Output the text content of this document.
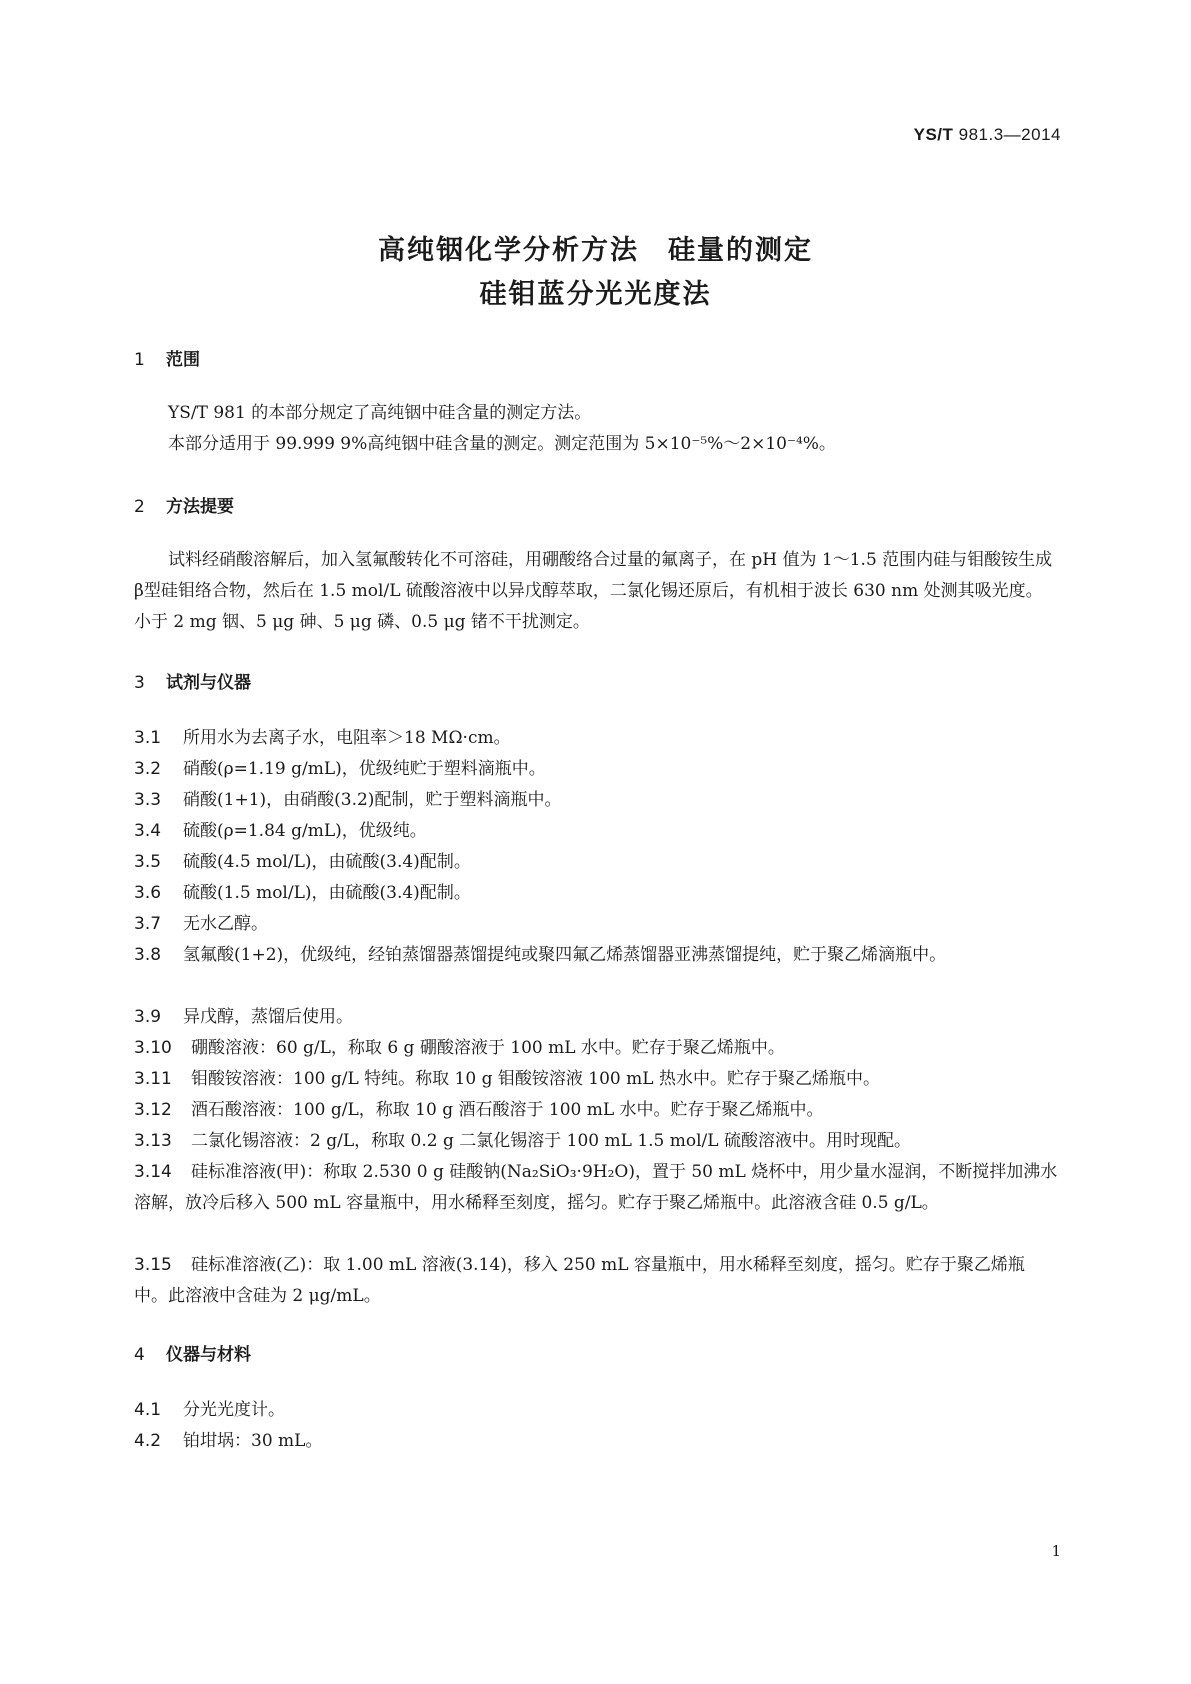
YS/T 981.3—2014
高纯铟化学分析方法　硅量的测定
硅钼蓝分光光度法
1 范围
YS/T 981 的本部分规定了高纯铟中硅含量的测定方法。
本部分适用于 99.999 9%高纯铟中硅含量的测定。测定范围为 5×10⁻⁵%～2×10⁻⁴%。
2 方法提要
试料经硝酸溶解后，加入氢氟酸转化不可溶硅，用硼酸络合过量的氟离子，在 pH 值为 1～1.5 范围内硅与钼酸铵生成β型硅钼络合物，然后在 1.5 mol/L 硫酸溶液中以异戊醇萃取，二氯化锡还原后，有机相于波长 630 nm 处测其吸光度。小于 2 mg 铟、5 μg 砷、5 μg 磷、0.5 μg 锗不干扰测定。
3 试剂与仪器
3.1 所用水为去离子水，电阻率＞18 MΩ·cm。
3.2 硝酸(ρ=1.19 g/mL)，优级纯贮于塑料滴瓶中。
3.3 硝酸(1+1)，由硝酸(3.2)配制，贮于塑料滴瓶中。
3.4 硫酸(ρ=1.84 g/mL)，优级纯。
3.5 硫酸(4.5 mol/L)，由硫酸(3.4)配制。
3.6 硫酸(1.5 mol/L)，由硫酸(3.4)配制。
3.7 无水乙醇。
3.8 氢氟酸(1+2)，优级纯，经铂蒸馏器蒸馏提纯或聚四氟乙烯蒸馏器亚沸蒸馏提纯，贮于聚乙烯滴瓶中。
3.9 异戊醇，蒸馏后使用。
3.10 硼酸溶液：60 g/L，称取 6 g 硼酸溶液于 100 mL 水中。贮存于聚乙烯瓶中。
3.11 钼酸铵溶液：100 g/L 特纯。称取 10 g 钼酸铵溶液 100 mL 热水中。贮存于聚乙烯瓶中。
3.12 酒石酸溶液：100 g/L，称取 10 g 酒石酸溶于 100 mL 水中。贮存于聚乙烯瓶中。
3.13 二氯化锡溶液：2 g/L，称取 0.2 g 二氯化锡溶于 100 mL 1.5 mol/L 硫酸溶液中。用时现配。
3.14 硅标准溶液(甲)：称取 2.530 0 g 硅酸钠(Na₂SiO₃·9H₂O)，置于 50 mL 烧杯中，用少量水湿润，不断搅拌加沸水溶解，放冷后移入 500 mL 容量瓶中，用水稀释至刻度，摇匀。贮存于聚乙烯瓶中。此溶液含硅 0.5 g/L。
3.15 硅标准溶液(乙)：取 1.00 mL 溶液(3.14)，移入 250 mL 容量瓶中，用水稀释至刻度，摇匀。贮存于聚乙烯瓶中。此溶液中含硅为 2 μg/mL。
4 仪器与材料
4.1 分光光度计。
4.2 铂坩埚：30 mL。
1
